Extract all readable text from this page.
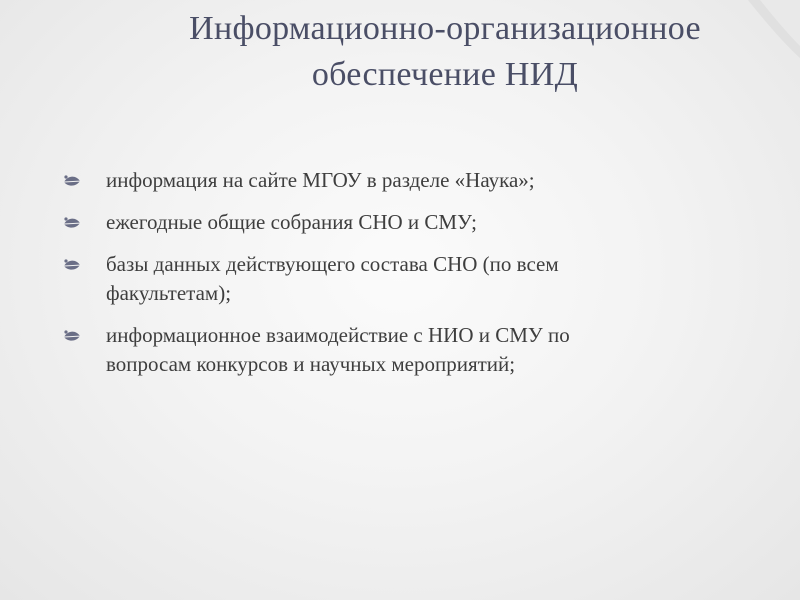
Информационно-организационное
обеспечение НИД
информация на сайте МГОУ в разделе «Наука»;
ежегодные общие собрания СНО и СМУ;
базы данных действующего состава СНО (по всем
факультетам);
информационное взаимодействие с НИО и СМУ по
вопросам конкурсов и научных мероприятий;
